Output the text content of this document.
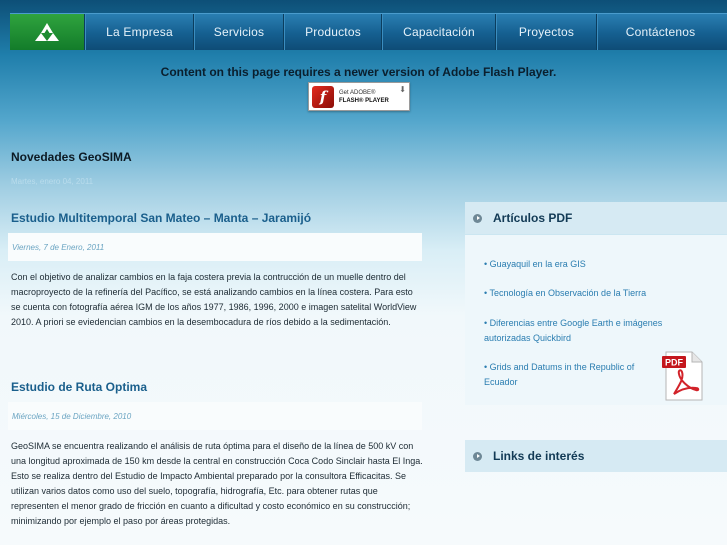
La Empresa	Servicios	Productos	Capacitación	Proyectos	Contáctenos
Content on this page requires a newer version of Adobe Flash Player.
f	Get ADOBE®
FLASH® PLAYER
⬇
Novedades GeoSIMA
Martes, enero 04, 2011
Estudio Multitemporal San Mateo – Manta – Jaramijó
Viernes, 7 de Enero, 2011
Con el objetivo de analizar cambios en la faja costera previa la contrucción de un muelle dentro del macroproyecto de la refinería del Pacífico, se está analizando cambios en la línea costera. Para esto se cuenta con fotografía aérea IGM de los años 1977, 1986, 1996, 2000 e imagen satelital WorldView 2010. A priori se eviedencian cambios en la desembocadura de ríos debido a la sedimentación.
Estudio de Ruta Optima
Miércoles, 15 de Diciembre, 2010
GeoSIMA se encuentra realizando el análisis de ruta óptima para el diseño de la línea de 500 kV con una longitud aproximada de 150 km desde la central en construcción Coca Codo Sinclair hasta El Inga. Esto se realiza dentro del Estudio de Impacto Ambiental preparado por la consultora Efficacitas. Se utilizan varios datos como uso del suelo, topografía, hidrografía, Etc. para obtener rutas que representen el menor grado de fricción en cuanto a dificultad y costo económico en su construcción; minimizando por ejemplo el paso por áreas protegidas.
Artículos PDF
• Guayaquil en la era GIS
• Tecnología en Observación de la Tierra
• Diferencias entre Google Earth e imágenes autorizadas Quickbird
• Grids and Datums in the Republic of Ecuador
PDF
Links de interés
